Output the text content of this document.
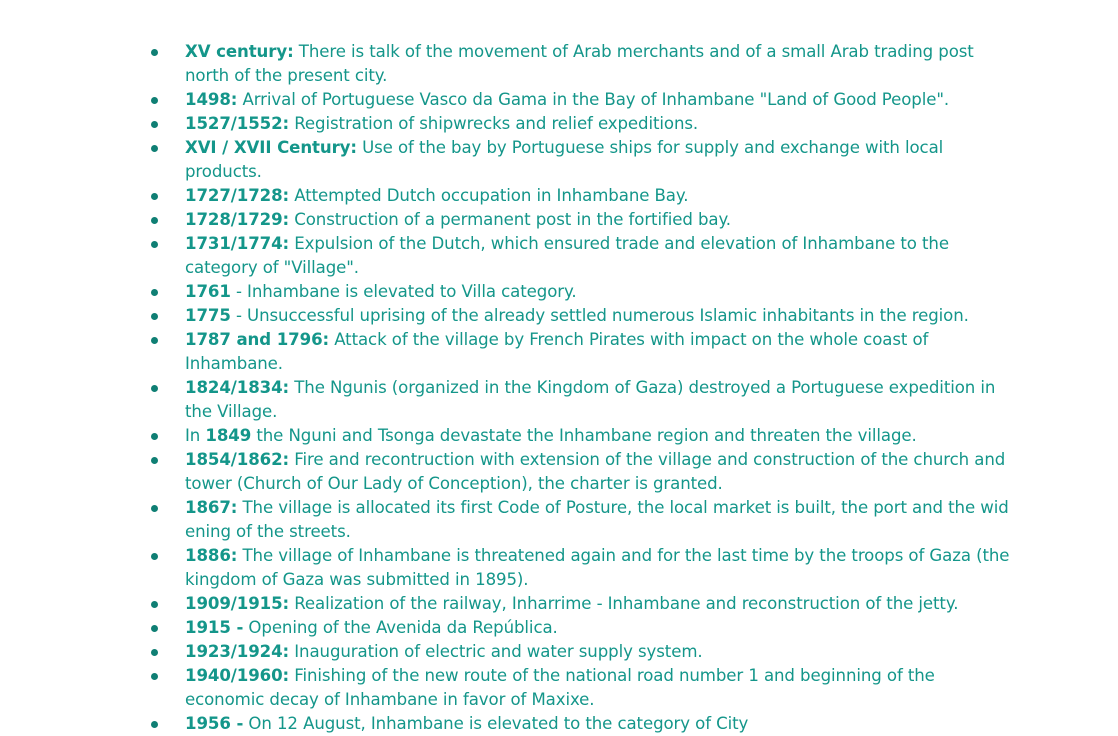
XV century: There is talk of the movement of Arab merchants and of a small Arab trading post north of the present city.
1498: Arrival of Portuguese Vasco da Gama in the Bay of Inhambane "Land of Good People".
1527/1552: Registration of shipwrecks and relief expeditions.
XVI / XVII Century: Use of the bay by Portuguese ships for supply and exchange with local products.
1727/1728: Attempted Dutch occupation in Inhambane Bay.
1728/1729: Construction of a permanent post in the fortified bay.
1731/1774: Expulsion of the Dutch, which ensured trade and elevation of Inhambane to the category of "Village".
1761 - Inhambane is elevated to Villa category.
1775 - Unsuccessful uprising of the already settled numerous Islamic inhabitants in the region.
1787 and 1796: Attack of the village by French Pirates with impact on the whole coast of Inhambane.
1824/1834: The Ngunis (organized in the Kingdom of Gaza) destroyed a Portuguese expedition in the Village.
In 1849 the Nguni and Tsonga devastate the Inhambane region and threaten the village.
1854/1862: Fire and recontruction with extension of the village and construction of the church and tower (Church of Our Lady of Conception), the charter is granted.
1867: The village is allocated its first Code of Posture, the local market is built, the port and the wid ening of the streets.
1886: The village of Inhambane is threatened again and for the last time by the troops of Gaza (the kingdom of Gaza was submitted in 1895).
1909/1915: Realization of the railway, Inharrime - Inhambane and reconstruction of the jetty.
1915 - Opening of the Avenida da República.
1923/1924: Inauguration of electric and water supply system.
1940/1960: Finishing of the new route of the national road number 1 and beginning of the economic decay of Inhambane in favor of Maxixe.
1956 - On 12 August, Inhambane is elevated to the category of City
